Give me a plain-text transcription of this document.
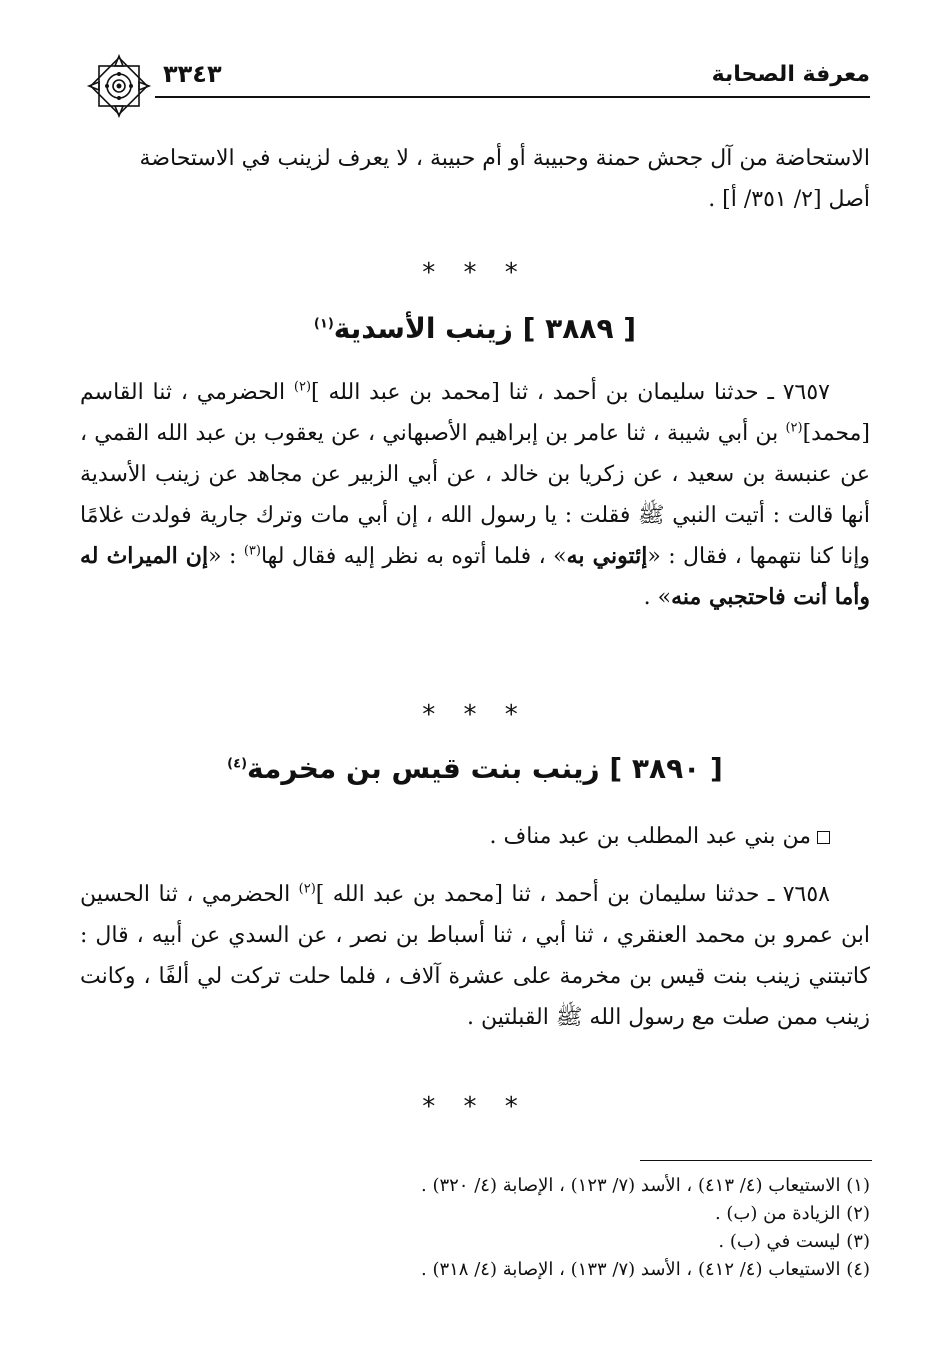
معرفة الصحابة
٣٣٤٣

الاستحاضة من آل جحش حمنة وحبيبة أو أم حبيبة ، لا يعرف لزينب في الاستحاضة

أصل [٢/ ٣٥١/ أ] .

* * *
[ ٣٨٨٩ ] زينب الأسدية$^{(١)}$

٧٦٥٧ ـ حدثنا سليمان بن أحمد ، ثنا [محمد بن عبد الله ]$^{(٢)}$ الحضرمي ، ثنا القاسم [محمد]$^{(٢)}$ بن أبي شيبة ، ثنا عامر بن إبراهيم الأصبهاني ، عن يعقوب بن عبد الله القمي ، عن عنبسة بن سعيد ، عن زكريا بن خالد ، عن أبي الزبير عن مجاهد عن زينب الأسدية أنها قالت : أتيت النبي ﷺ فقلت : يا رسول الله ، إن أبي مات وترك جارية فولدت غلامًا وإنا كنا نتهمها ، فقال : «إئتوني به» ، فلما أتوه به نظر إليه فقال لها$^{(٣)}$ : «إن الميراث له وأما أنت فاحتجبي منه» .

* * *
[ ٣٨٩٠ ] زينب بنت قيس بن مخرمة$^{(٤)}$

من بني عبد المطلب بن عبد مناف .

٧٦٥٨ ـ حدثنا سليمان بن أحمد ، ثنا [محمد بن عبد الله ]$^{(٢)}$ الحضرمي ، ثنا الحسين ابن عمرو بن محمد العنقري ، ثنا أبي ، ثنا أسباط بن نصر ، عن السدي عن أبيه ، قال : كاتبتني زينب بنت قيس بن مخرمة على عشرة آلاف ، فلما حلت تركت لي ألفًا ، وكانت زينب ممن صلت مع رسول الله ﷺ القبلتين .

* * *
(١) الاستيعاب (٤/ ٤١٣) ، الأسد (٧/ ١٢٣) ، الإصابة (٤/ ٣٢٠) .
(٢) الزيادة من (ب) .
(٣) ليست في (ب) .
(٤) الاستيعاب (٤/ ٤١٢) ، الأسد (٧/ ١٣٣) ، الإصابة (٤/ ٣١٨) .
